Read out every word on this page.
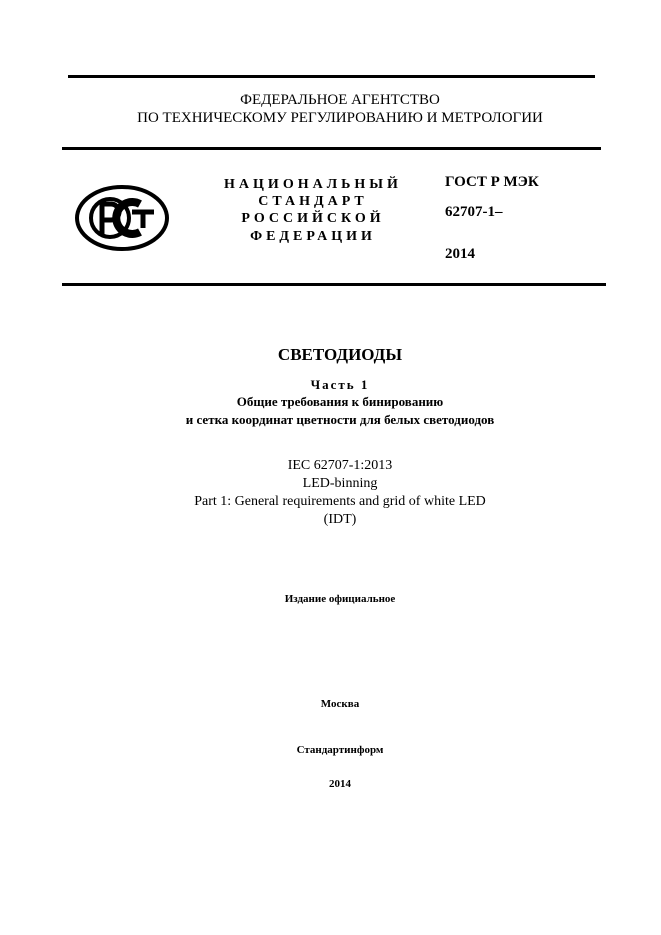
ФЕДЕРАЛЬНОЕ АГЕНТСТВО
ПО ТЕХНИЧЕСКОМУ РЕГУЛИРОВАНИЮ И МЕТРОЛОГИИ
НАЦИОНАЛЬНЫЙ
СТАНДАРТ
РОССИЙСКОЙ
ФЕДЕРАЦИИ
ГОСТ Р МЭК
62707-1–
2014
СВЕТОДИОДЫ
Часть 1
Общие требования к бинированию
и сетка координат цветности для белых светодиодов
IEC 62707-1:2013
LED-binning
Part 1: General requirements and grid of white LED
(IDT)
Издание официальное
Москва
Стандартинформ
2014
